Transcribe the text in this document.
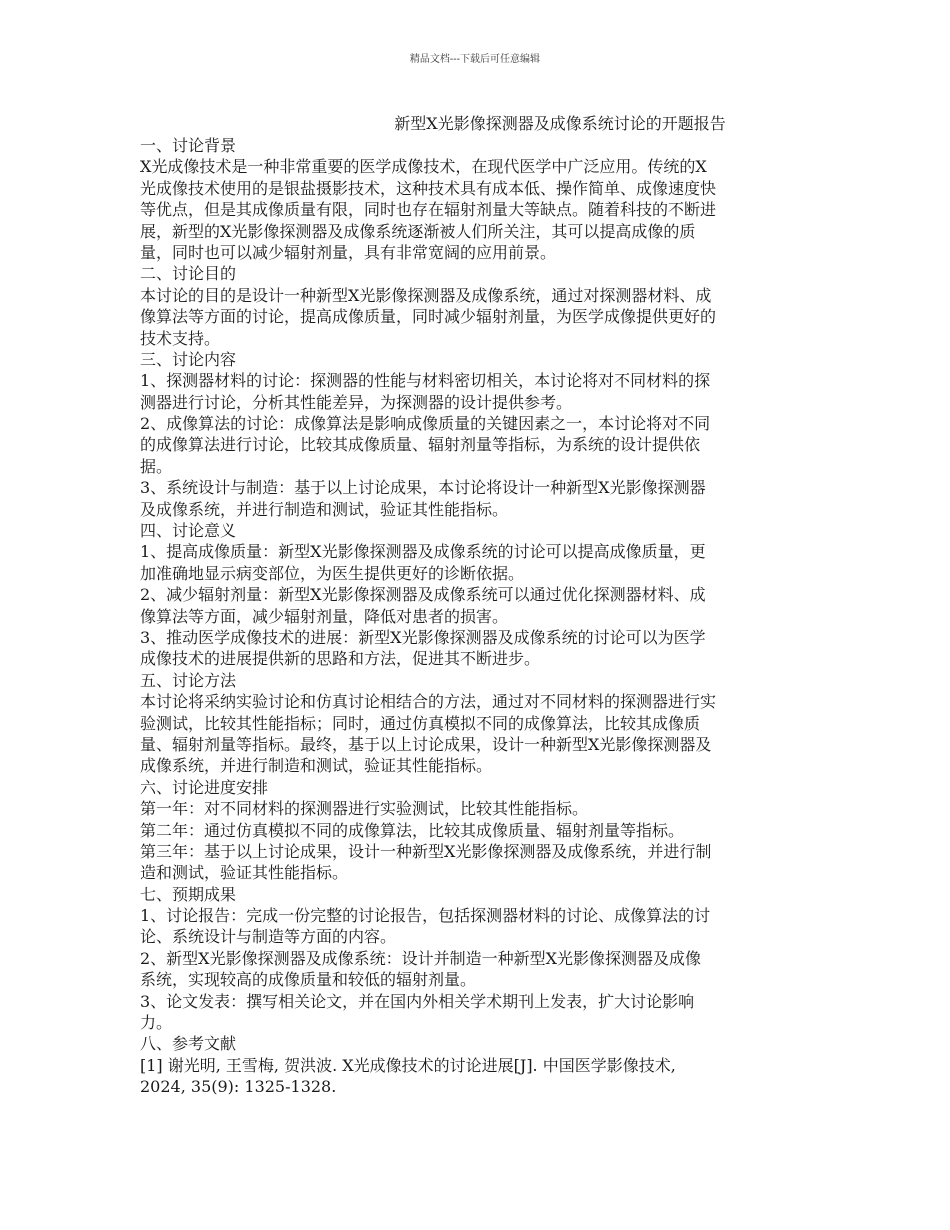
精品文档---下载后可任意编辑
新型X光影像探测器及成像系统讨论的开题报告
一、讨论背景
X光成像技术是一种非常重要的医学成像技术，在现代医学中广泛应用。传统的X
光成像技术使用的是银盐摄影技术，这种技术具有成本低、操作简单、成像速度快
等优点，但是其成像质量有限，同时也存在辐射剂量大等缺点。随着科技的不断进
展，新型的X光影像探测器及成像系统逐渐被人们所关注，其可以提高成像的质
量，同时也可以减少辐射剂量，具有非常宽阔的应用前景。
二、讨论目的
本讨论的目的是设计一种新型X光影像探测器及成像系统，通过对探测器材料、成
像算法等方面的讨论，提高成像质量，同时减少辐射剂量，为医学成像提供更好的
技术支持。
三、讨论内容
1、探测器材料的讨论：探测器的性能与材料密切相关，本讨论将对不同材料的探
测器进行讨论，分析其性能差异，为探测器的设计提供参考。
2、成像算法的讨论：成像算法是影响成像质量的关键因素之一，本讨论将对不同
的成像算法进行讨论，比较其成像质量、辐射剂量等指标，为系统的设计提供依
据。
3、系统设计与制造：基于以上讨论成果，本讨论将设计一种新型X光影像探测器
及成像系统，并进行制造和测试，验证其性能指标。
四、讨论意义
1、提高成像质量：新型X光影像探测器及成像系统的讨论可以提高成像质量，更
加准确地显示病变部位，为医生提供更好的诊断依据。
2、减少辐射剂量：新型X光影像探测器及成像系统可以通过优化探测器材料、成
像算法等方面，减少辐射剂量，降低对患者的损害。
3、推动医学成像技术的进展：新型X光影像探测器及成像系统的讨论可以为医学
成像技术的进展提供新的思路和方法，促进其不断进步。
五、讨论方法
本讨论将采纳实验讨论和仿真讨论相结合的方法，通过对不同材料的探测器进行实
验测试，比较其性能指标；同时，通过仿真模拟不同的成像算法，比较其成像质
量、辐射剂量等指标。最终，基于以上讨论成果，设计一种新型X光影像探测器及
成像系统，并进行制造和测试，验证其性能指标。
六、讨论进度安排
第一年：对不同材料的探测器进行实验测试，比较其性能指标。
第二年：通过仿真模拟不同的成像算法，比较其成像质量、辐射剂量等指标。
第三年：基于以上讨论成果，设计一种新型X光影像探测器及成像系统，并进行制
造和测试，验证其性能指标。
七、预期成果
1、讨论报告：完成一份完整的讨论报告，包括探测器材料的讨论、成像算法的讨
论、系统设计与制造等方面的内容。
2、新型X光影像探测器及成像系统：设计并制造一种新型X光影像探测器及成像
系统，实现较高的成像质量和较低的辐射剂量。
3、论文发表：撰写相关论文，并在国内外相关学术期刊上发表，扩大讨论影响
力。
八、参考文献
[1] 谢光明, 王雪梅, 贺洪波. X光成像技术的讨论进展[J]. 中国医学影像技术,
2024, 35(9): 1325-1328.
